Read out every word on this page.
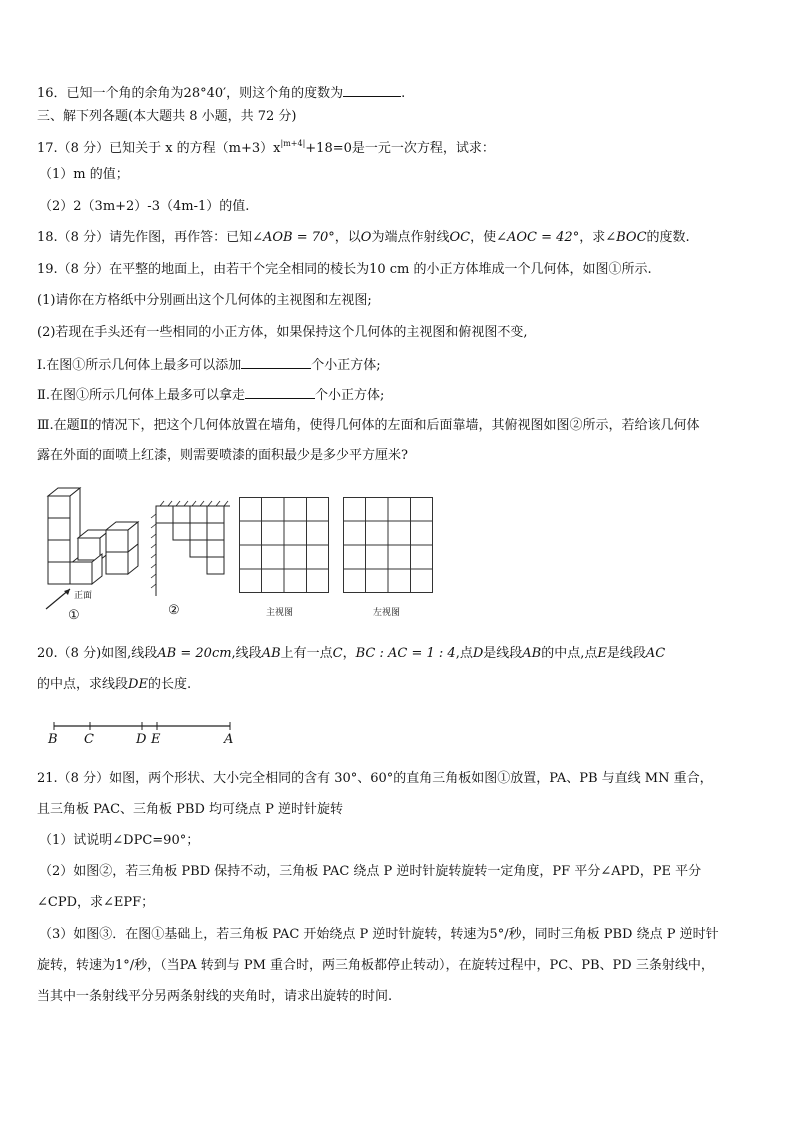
16．已知一个角的余角为28°40′，则这个角的度数为	.
三、解下列各题(本大题共 8 小题，共 72 分)
17.（8 分）已知关于 x 的方程$(m+3)x^{|m+4|}+18=0$是一元一次方程，试求：
（1）m 的值；
（2）2（3m+2）-3（4m-1）的值.
18.（8 分）请先作图，再作答：已知∠AOB = 70°，以O为端点作射线OC，使∠AOC = 42°，求∠BOC的度数.
19.（8 分）在平整的地面上，由若干个完全相同的棱长为10 cm 的小正方体堆成一个几何体，如图①所示.
(1)请你在方格纸中分别画出这个几何体的主视图和左视图;
(2)若现在手头还有一些相同的小正方体，如果保持这个几何体的主视图和俯视图不变,
Ⅰ.在图①所示几何体上最多可以添加	个小正方体;
Ⅱ.在图①所示几何体上最多可以拿走	个小正方体;
Ⅲ.在题Ⅱ的情况下，把这个几何体放置在墙角，使得几何体的左面和后面靠墙，其俯视图如图②所示，若给该几何体
露在外面的面喷上红漆，则需要喷漆的面积最少是多少平方厘米?
正面
①	②	主视图	左视图
20.（8 分)如图,线段AB = 20cm,线段AB上有一点C，BC : AC = 1 : 4,点D是线段AB的中点,点E是线段AC
的中点，求线段DE的长度.
B C	D E	A
21.（8 分）如图，两个形状、大小完全相同的含有 30°、60°的直角三角板如图①放置，PA、PB 与直线 MN 重合，
且三角板 PAC、三角板 PBD 均可绕点 P 逆时针旋转
（1）试说明∠DPC=90°；
（2）如图②，若三角板 PBD 保持不动，三角板 PAC 绕点 P 逆时针旋转旋转一定角度，PF 平分∠APD，PE 平分
∠CPD，求∠EPF；
（3）如图③．在图①基础上，若三角板 PAC 开始绕点 P 逆时针旋转，转速为5°/秒，同时三角板 PBD 绕点 P 逆时针
旋转，转速为1°/秒，（当PA 转到与 PM 重合时，两三角板都停止转动），在旋转过程中，PC、PB、PD 三条射线中，
当其中一条射线平分另两条射线的夹角时，请求出旋转的时间.
